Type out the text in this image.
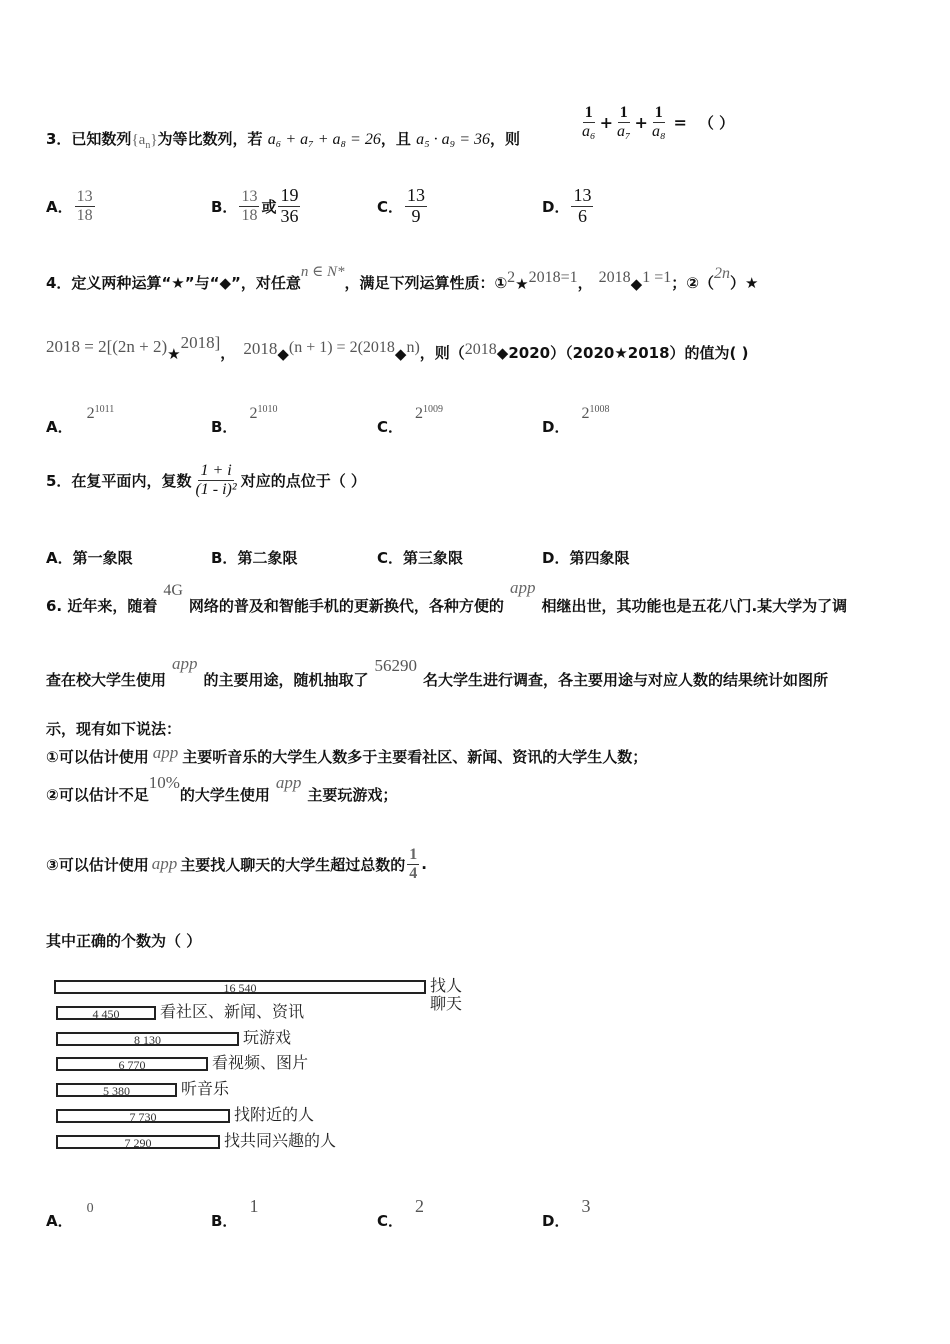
3．已知数列$\{a_n\}$为等比数列，若 a₆ + a₇ + a₈ = 26，且 a₅ · a₉ = 36，则	$\frac{1}{\text{a₆}} + \frac{1}{\text{a₇}} + \frac{1}{\text{a₈}}$ = （ ）
A． $\frac{13}{18}$	B． $\frac{13}{18}$ 或 $\frac{19}{36}$	C． $\frac{13}{9}$	D． $\frac{13}{6}$
4．定义两种运算“★”与“◆”，对任意
n ∈ N*
，满足下列运算性质：① 2 ★ 2018=1 ， 2018 ◆ 1 =1 ；②（
2n
）★
2018 = 2[(2n + 2) ★
2018]
， 2018 ◆ (n + 1) = 2(2018 ◆ n) ，则（ 2018 ◆2020）（2020★2018）的值为( )
A．$2^{1011}$
B．$2^{1010}$
C．$2^{1009}$
D．$2^{1008}$
5．在复平面内，复数 $\frac{1 + i}{\text{(1 - i)²}}$ 对应的点位于（ ）
A．第一象限	B．第二象限	C．第三象限	D．第四象限
6. 近年来，随着
4G
网络的普及和智能手机的更新换代，各种方便的
app
相继出世，其功能也是五花八门.某大学为了调
查在校大学生使用
app
的主要用途，随机抽取了
56290
名大学生进行调查，各主要用途与对应人数的结果统计如图所
示，现有如下说法：
①可以估计使用 app 主要听音乐的大学生人数多于主要看社区、新闻、资讯的大学生人数；
②可以估计不足
10%
的大学生使用
app
主要玩游戏；
③可以估计使用 app 主要找人聊天的大学生超过总数的 $\frac{1}{4}$ .
其中正确的个数为（ ）
16 540	找人聊天
4 450	看社区、新闻、资讯
8 130	玩游戏
6 770	看视频、图片
5 380	听音乐
7 730	找附近的人
7 290	找共同兴趣的人
A．0
B．1
C．2
D．3
